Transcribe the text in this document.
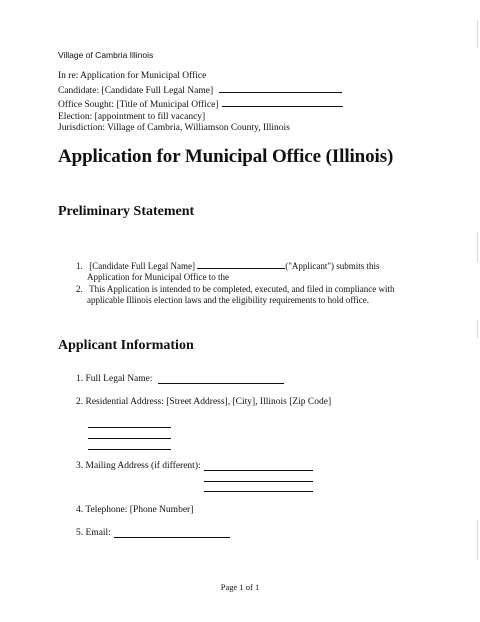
Village of Cambria Illinois
In re: Application for Municipal Office
Candidate: [Candidate Full Legal Name]
Office Sought: [Title of Municipal Office]
Election: [appointment to fill vacancy]
Jurisdiction: Village of Cambria, Williamson County, Illinois
Application for Municipal Office (Illinois)
Preliminary Statement
1. [Candidate Full Legal Name]	("Applicant") submits this
Application for Municipal Office to the
2. This Application is intended to be completed, executed, and filed in compliance with
applicable Illinois election laws and the eligibility requirements to hold office.
Applicant Information
1. Full Legal Name:
2. Residential Address: [Street Address], [City], Illinois [Zip Code]
3. Mailing Address (if different):
4. Telephone: [Phone Number]
5. Email:
Page 1 of 1
